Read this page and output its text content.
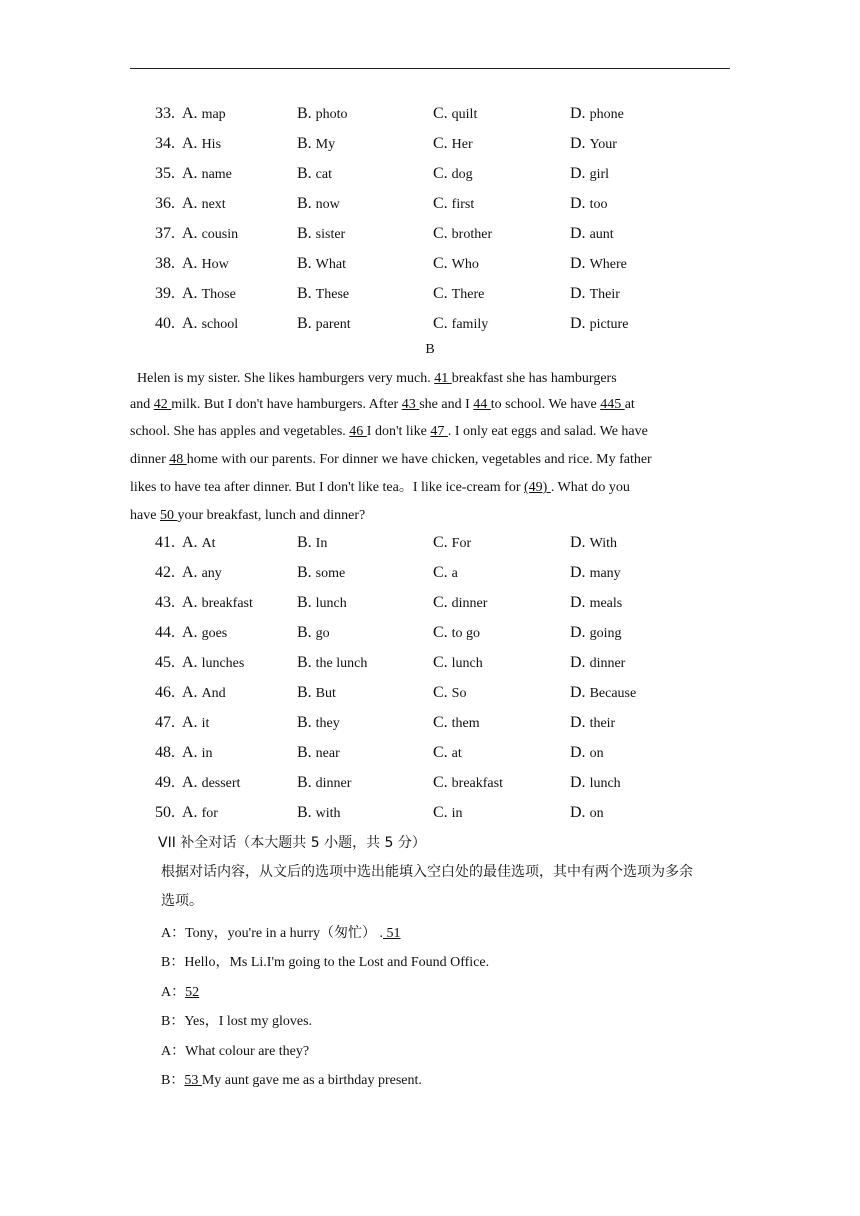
33. A. map	B. photo	C. quilt	D. phone
34. A. His	B. My	C. Her	D. Your
35. A. name	B. cat	C. dog	D. girl
36. A. next	B. now	C. first	D. too
37. A. cousin	B. sister	C. brother	D. aunt
38. A. How	B. What	C. Who	D. Where
39. A. Those	B. These	C. There	D. Their
40. A. school	B. parent	C. family	D. picture
B
Helen is my sister. She likes hamburgers very much. 41 breakfast she has hamburgers
and 42 milk. But I don't have hamburgers. After 43 she and I 44 to school. We have 445 at
school. She has apples and vegetables. 46 I don't like 47 . I only eat eggs and salad. We have
dinner 48 home with our parents. For dinner we have chicken, vegetables and rice. My father
likes to have tea after dinner. But I don't like tea。I like ice-cream for (49) . What do you
have 50 your breakfast, lunch and dinner?
41. A. At	B. In	C. For	D. With
42. A. any	B. some	C. a	D. many
43. A. breakfast	B. lunch	C. dinner	D. meals
44. A. goes	B. go	C. to go	D. going
45. A. lunches	B. the lunch	C. lunch	D. dinner
46. A. And	B. But	C. So	D. Because
47. A. it	B. they	C. them	D. their
48. A. in	B. near	C. at	D. on
49. A. dessert	B. dinner	C. breakfast	D. lunch
50. A. for	B. with	C. in	D. on
VII 补全对话（本大题共 5 小题，共 5 分）
根据对话内容，从文后的选项中选出能填入空白处的最佳选项，其中有两个选项为多余
选项。
A：Tony，you're in a hurry（匆忙） . 51
B：Hello，Ms Li.I'm going to the Lost and Found Office.
A：52
B：Yes，I lost my gloves.
A：What colour are they?
B：53 My aunt gave me as a birthday present.
